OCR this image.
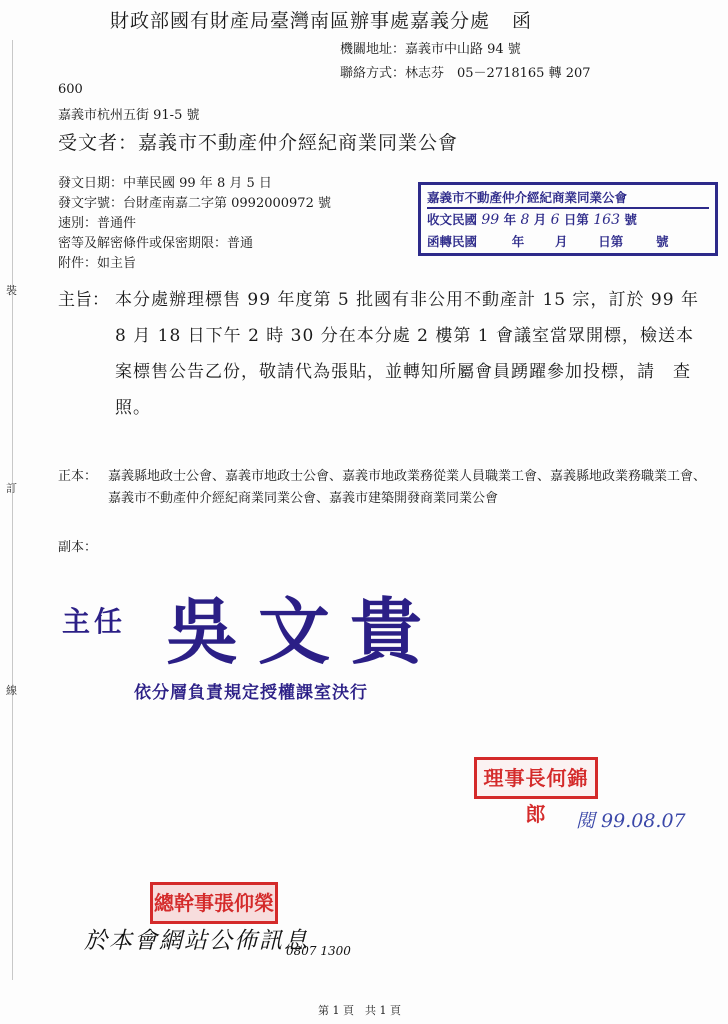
裝
訂
線
財政部國有財產局臺灣南區辦事處嘉義分處 函
機關地址：嘉義市中山路 94 號
聯絡方式：林志芬　05－2718165 轉 207
600
嘉義市杭州五街 91-5 號
受文者：嘉義市不動產仲介經紀商業同業公會
發文日期：中華民國 99 年 8 月 5 日
發文字號：台財產南嘉二字第 0992000972 號
速別：普通件
密等及解密條件或保密期限：普通
附件：如主旨
嘉義市不動產仲介經紀商業同業公會
收文民國 99 年 8 月 6 日第 163 號
函轉民國	年 月 日第	號
主旨： 本分處辦理標售 99 年度第 5 批國有非公用不動產計 15 宗，訂於 99 年 8 月 18 日下午 2 時 30 分在本分處 2 樓第 1 會議室當眾開標，檢送本案標售公告乙份，敬請代為張貼，並轉知所屬會員踴躍參加投標，請　查照。
正本： 嘉義縣地政士公會、嘉義市地政士公會、嘉義市地政業務從業人員職業工會、嘉義縣地政業務職業工會、嘉義市不動產仲介經紀商業同業公會、嘉義市建築開發商業同業公會
副本：
主任 吳文貴
依分層負責規定授權課室決行
理事長何錦郎	閱 99.08.07
總幹事張仰榮
於本會網站公佈訊息
0807 1300
第 1 頁　共 1 頁
